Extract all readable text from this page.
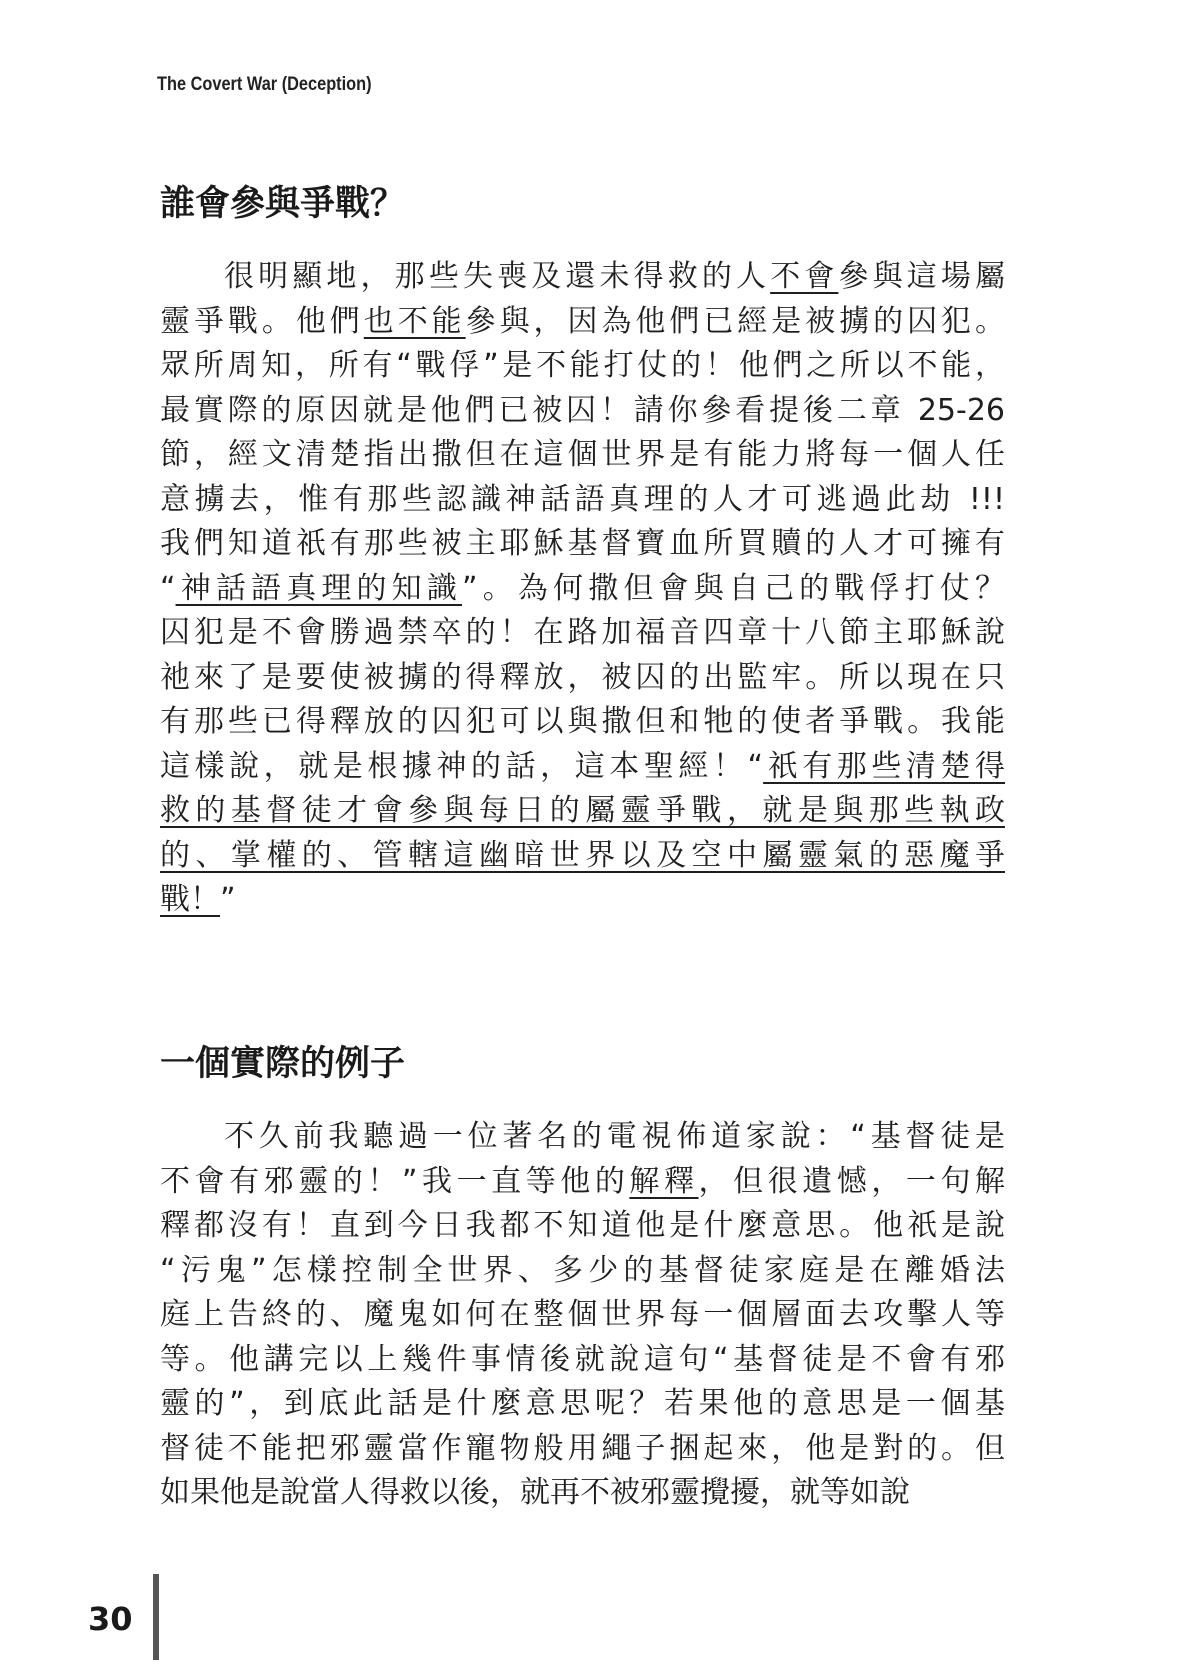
The Covert War (Deception)
誰會參與爭戰？
很明顯地，那些失喪及還未得救的人不會參與這場屬
靈爭戰。他們也不能參與，因為他們已經是被擄的囚犯。
眾所周知，所有“戰俘”是不能打仗的！他們之所以不能，
最實際的原因就是他們已被囚！請你參看提後二章 25-26
節，經文清楚指出撒但在這個世界是有能力將每一個人任
意擄去，惟有那些認識神話語真理的人才可逃過此劫 !!!
我們知道祇有那些被主耶穌基督寶血所買贖的人才可擁有
“神話語真理的知識”。為何撒但會與自己的戰俘打仗？
囚犯是不會勝過禁卒的！在路加福音四章十八節主耶穌說
祂來了是要使被擄的得釋放，被囚的出監牢。所以現在只
有那些已得釋放的囚犯可以與撒但和牠的使者爭戰。我能
這樣說，就是根據神的話，這本聖經！“祇有那些清楚得
救的基督徒才會參與每日的屬靈爭戰，就是與那些執政
的、掌權的、管轄這幽暗世界以及空中屬靈氣的惡魔爭
戰！”
一個實際的例子
不久前我聽過一位著名的電視佈道家說：“基督徒是
不會有邪靈的！”我一直等他的解釋，但很遺憾，一句解
釋都沒有！直到今日我都不知道他是什麼意思。他祇是說
“污鬼”怎樣控制全世界、多少的基督徒家庭是在離婚法
庭上告終的、魔鬼如何在整個世界每一個層面去攻擊人等
等。他講完以上幾件事情後就說這句“基督徒是不會有邪
靈的”，到底此話是什麼意思呢？若果他的意思是一個基
督徒不能把邪靈當作寵物般用繩子捆起來，他是對的。但
如果他是說當人得救以後，就再不被邪靈攪擾，就等如說
30
